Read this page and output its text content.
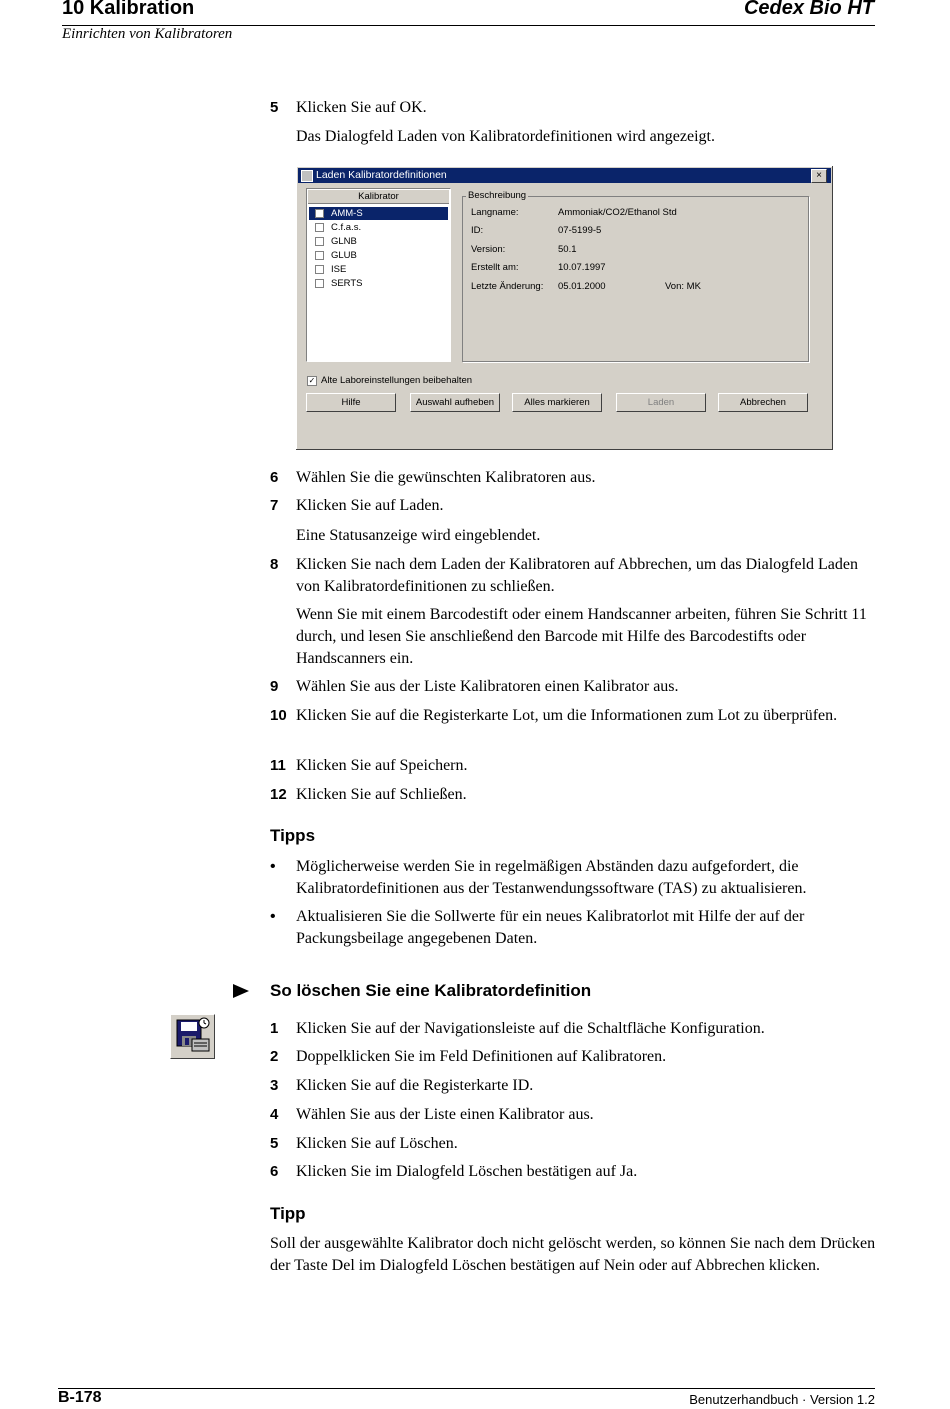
10 Kalibration	Cedex Bio HT
Einrichten von Kalibratoren
5 Klicken Sie auf OK.
Das Dialogfeld Laden von Kalibratordefinitionen wird angezeigt.
Laden Kalibratordefinitionen	×
Kalibrator
AMM-S
C.f.a.s.
GLNB
GLUB
ISE
SERTS
Beschreibung
Langname:	Ammoniak/CO2/Ethanol Std
ID:	07-5199-5
Version:	50.1
Erstellt am:	10.07.1997
Letzte Änderung: 05.01.2000	Von: MK
✓ Alte Laboreinstellungen beibehalten
Hilfe	Auswahl aufheben	Alles markieren	Laden	Abbrechen
6 Wählen Sie die gewünschten Kalibratoren aus.
7 Klicken Sie auf Laden.
Eine Statusanzeige wird eingeblendet.
8 Klicken Sie nach dem Laden der Kalibratoren auf Abbrechen, um das Dialogfeld Laden von Kalibratordefinitionen zu schließen.
Wenn Sie mit einem Barcodestift oder einem Handscanner arbeiten, führen Sie Schritt 11 durch, und lesen Sie anschließend den Barcode mit Hilfe des Barcodestifts oder Handscanners ein.
9 Wählen Sie aus der Liste Kalibratoren einen Kalibrator aus.
10 Klicken Sie auf die Registerkarte Lot, um die Informationen zum Lot zu überprüfen.
11 Klicken Sie auf Speichern.
12 Klicken Sie auf Schließen.
Tipps
• Möglicherweise werden Sie in regelmäßigen Abständen dazu aufgefordert, die Kalibratordefinitionen aus der Testanwendungssoftware (TAS) zu aktualisieren.
• Aktualisieren Sie die Sollwerte für ein neues Kalibratorlot mit Hilfe der auf der Packungsbeilage angegebenen Daten.
So löschen Sie eine Kalibratordefinition
1 Klicken Sie auf der Navigationsleiste auf die Schaltfläche Konfiguration.
2 Doppelklicken Sie im Feld Definitionen auf Kalibratoren.
3 Klicken Sie auf die Registerkarte ID.
4 Wählen Sie aus der Liste einen Kalibrator aus.
5 Klicken Sie auf Löschen.
6 Klicken Sie im Dialogfeld Löschen bestätigen auf Ja.
Tipp
Soll der ausgewählte Kalibrator doch nicht gelöscht werden, so können Sie nach dem Drücken der Taste Del im Dialogfeld Löschen bestätigen auf Nein oder auf Abbrechen klicken.
B-178	Benutzerhandbuch · Version 1.2
